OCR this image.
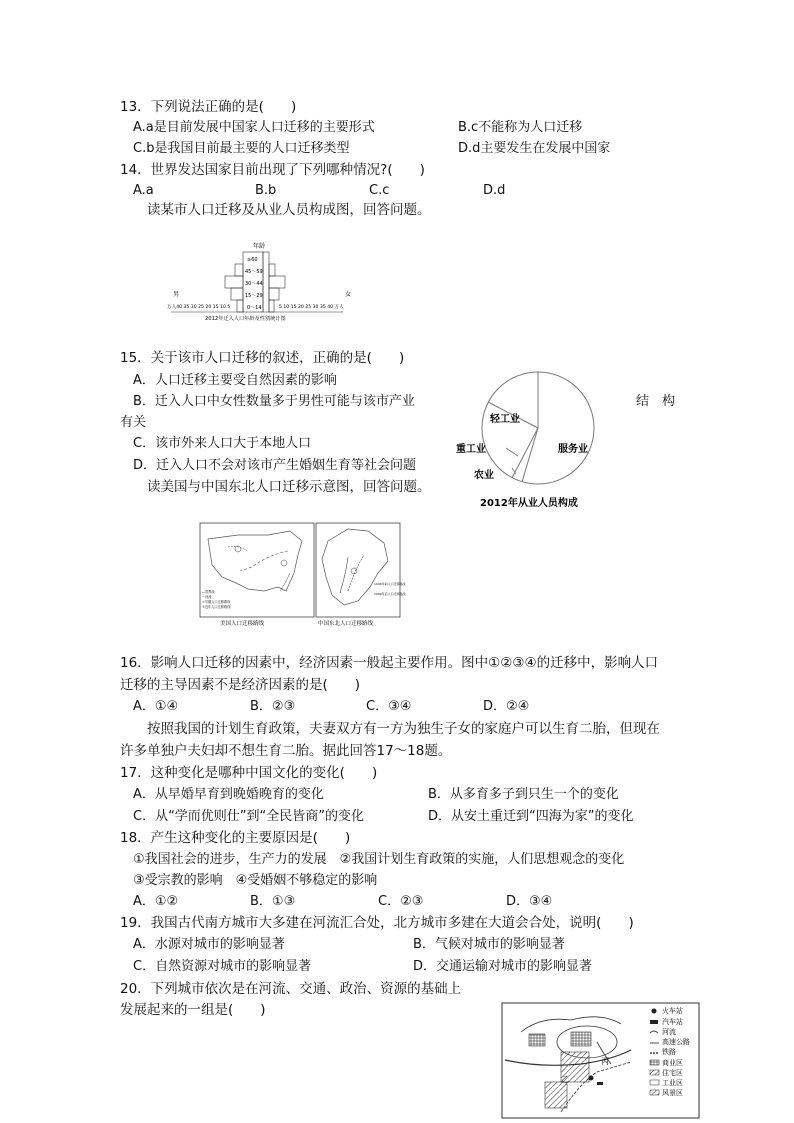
13．下列说法正确的是(　　)
A.a是目前发展中国家人口迁移的主要形式	B.c不能称为人口迁移
C.b是我国目前最主要的人口迁移类型	D.d主要发生在发展中国家
14．世界发达国家目前出现了下列哪种情况?(　　)
A.a	B.b	C.c	D.d
读某市人口迁移及从业人员构成图，回答问题。
年龄
≥60
45～59
30～44
15～29
0～14
男	女
万人40 35 30 25 20 15 10 5	5 10 15 20 25 30 35 40 万人
2012年迁入人口年龄及性别统计图
15．关于该市人口迁移的叙述，正确的是(　　)
A．人口迁移主要受自然因素的影响
B．迁入人口中女性数量多于男性可能与该市产业	结　构
有关
C．该市外来人口大于本地人口
D．迁入人口不会对该市产生婚姻生育等社会问题
读美国与中国东北人口迁移示意图，回答问题。
轻工业
服务业
重工业
农业
2012年从业人员构成
—国界线
～河流
①早期人口迁移路线
②近年人口迁移路线
1900年前人口迁移路线
1900年后人口迁移路线
美国人口迁移路线	中国东北人口迁移路线
16．影响人口迁移的因素中，经济因素一般起主要作用。图中①②③④的迁移中，影响人口
迁移的主导因素不是经济因素的是(　　)
A．①④	B．②③	C．③④	D．②④
按照我国的计划生育政策，夫妻双方有一方为独生子女的家庭户可以生育二胎，但现在
许多单独户夫妇却不想生育二胎。据此回答17～18题。
17．这种变化是哪种中国文化的变化(　　)
A．从早婚早育到晚婚晚育的变化	B．从多育多子到只生一个的变化
C．从“学而优则仕”到“全民皆商”的变化	D．从安土重迁到“四海为家”的变化
18．产生这种变化的主要原因是(　　)
①我国社会的进步，生产力的发展　②我国计划生育政策的实施，人们思想观念的变化
③受宗教的影响　④受婚姻不够稳定的影响
A．①②	B．①③	C．②③	D．③④
19．我国古代南方城市大多建在河流汇合处，北方城市多建在大道会合处，说明(　　)
A．水源对城市的影响显著	B．气候对城市的影响显著
C．自然资源对城市的影响显著	D．交通运输对城市的影响显著
20．下列城市依次是在河流、交通、政治、资源的基础上
发展起来的一组是(　　)
丙
乙
火车站
汽车站
河流
高速公路
铁路
商业区
住宅区
工业区
风景区
